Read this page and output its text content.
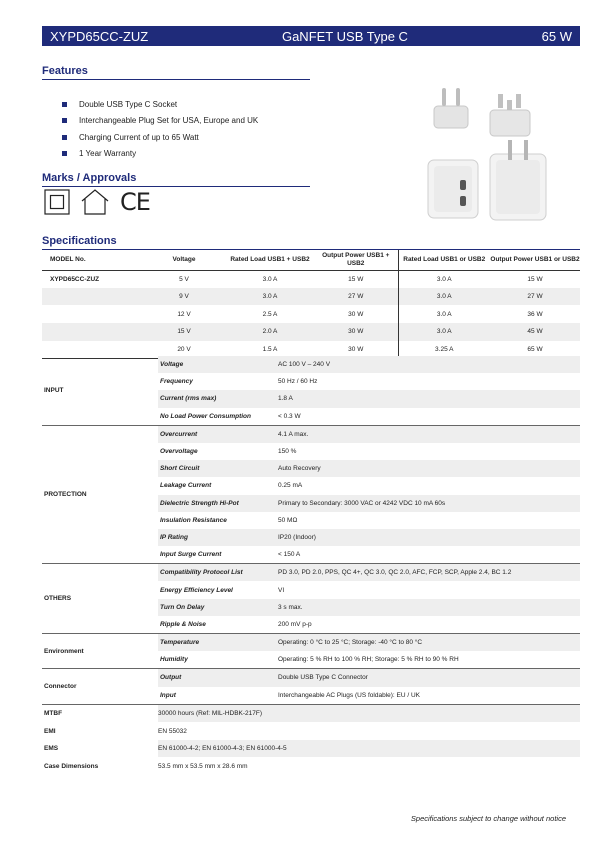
XYPD65CC-ZUZ	GaNFET USB Type C	65 W
Features
Double USB Type C Socket
Interchangeable Plug Set for USA, Europe and UK
Charging Current of up to 65 Watt
1 Year Warranty
Marks / Approvals
CE
Specifications
MODEL No.	Voltage	Rated Load USB1 + USB2	Output Power USB1 + USB2	Rated Load USB1 or USB2	Output Power USB1 or USB2
XYPD65CC-ZUZ	5 V	3.0 A	15 W	3.0 A	15 W
	9 V	3.0 A	27 W	3.0 A	27 W
	12 V	2.5 A	30 W	3.0 A	36 W
	15 V	2.0 A	30 W	3.0 A	45 W
	20 V	1.5 A	30 W	3.25 A	65 W
INPUT
Voltage	AC 100 V – 240 V
Frequency	50 Hz / 60 Hz
Current (rms max)	1.8 A
No Load Power Consumption	< 0.3 W
PROTECTION
Overcurrent	4.1 A max.
Overvoltage	150 %
Short Circuit	Auto Recovery
Leakage Current	0.25 mA
Dielectric Strength Hi-Pot	Primary to Secondary: 3000 VAC or 4242 VDC 10 mA 60s
Insulation Resistance	50 MΩ
IP Rating	IP20 (Indoor)
Input Surge Current	< 150 A
OTHERS
Compatibility Protocol List	PD 3.0, PD 2.0, PPS, QC 4+, QC 3.0, QC 2.0, AFC, FCP, SCP, Apple 2.4, BC 1.2
Energy Efficiency Level	VI
Turn On Delay	3 s max.
Ripple & Noise	200 mV p-p
Environment
Temperature	Operating: 0 °C to 25 °C; Storage: -40 °C to 80 °C
Humidity	Operating: 5 % RH to 100 % RH; Storage: 5 % RH to 90 % RH
Connector
Output	Double USB Type C Connector
Input	Interchangeable AC Plugs (US foldable): EU / UK
MTBF	30000 hours (Ref: MIL-HDBK-217F)
EMI	EN 55032
EMS	EN 61000-4-2; EN 61000-4-3; EN 61000-4-5
Case Dimensions	53.5 mm x 53.5 mm x 28.6 mm
Specifications subject to change without notice
